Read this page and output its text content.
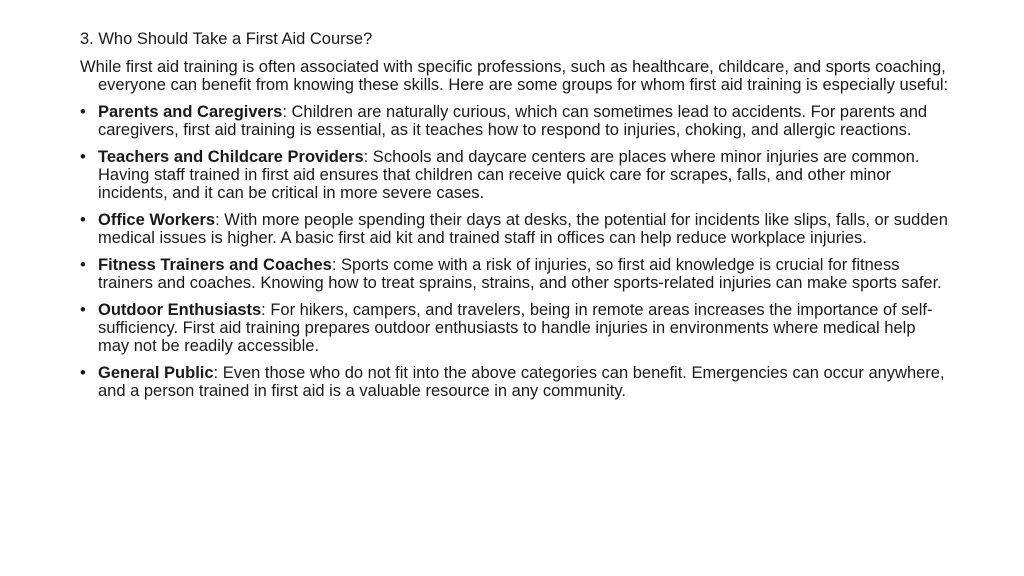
3. Who Should Take a First Aid Course?

While first aid training is often associated with specific professions, such as healthcare, childcare, and sports coaching, everyone can benefit from knowing these skills. Here are some groups for whom first aid training is especially useful:

• Parents and Caregivers: Children are naturally curious, which can sometimes lead to accidents. For parents and caregivers, first aid training is essential, as it teaches how to respond to injuries, choking, and allergic reactions.
• Teachers and Childcare Providers: Schools and daycare centers are places where minor injuries are common. Having staff trained in first aid ensures that children can receive quick care for scrapes, falls, and other minor incidents, and it can be critical in more severe cases.
• Office Workers: With more people spending their days at desks, the potential for incidents like slips, falls, or sudden medical issues is higher. A basic first aid kit and trained staff in offices can help reduce workplace injuries.
• Fitness Trainers and Coaches: Sports come with a risk of injuries, so first aid knowledge is crucial for fitness trainers and coaches. Knowing how to treat sprains, strains, and other sports-related injuries can make sports safer.
• Outdoor Enthusiasts: For hikers, campers, and travelers, being in remote areas increases the importance of self-sufficiency. First aid training prepares outdoor enthusiasts to handle injuries in environments where medical help may not be readily accessible.
• General Public: Even those who do not fit into the above categories can benefit. Emergencies can occur anywhere, and a person trained in first aid is a valuable resource in any community.
